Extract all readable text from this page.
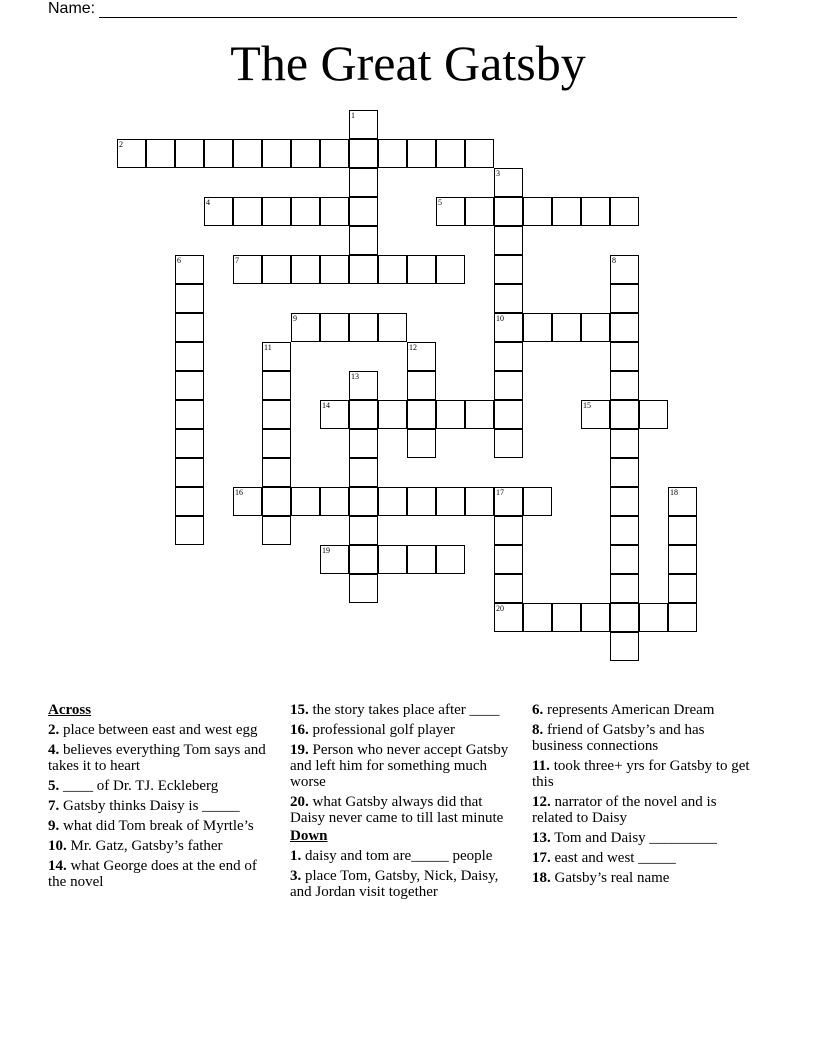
Name:
The Great Gatsby
1
2
3
10
4	5
6	7	8
9
11	12
13
14	15
16	17	18
19
20
Across
2. place between east and west egg
4. believes everything Tom says and takes it to heart
5. ____ of Dr. TJ. Eckleberg
7. Gatsby thinks Daisy is _____
9. what did Tom break of Myrtle’s
10. Mr. Gatz, Gatsby’s father
14. what George does at the end of the novel
15. the story takes place after ____
16. professional golf player
19. Person who never accept Gatsby and left him for something much worse
20. what Gatsby always did that Daisy never came to till last minute
Down
1. daisy and tom are_____ people
3. place Tom, Gatsby, Nick, Daisy, and Jordan visit together
6. represents American Dream
8. friend of Gatsby’s and has business connections
11. took three+ yrs for Gatsby to get this
12. narrator of the novel and is related to Daisy
13. Tom and Daisy _________
17. east and west _____
18. Gatsby’s real name
